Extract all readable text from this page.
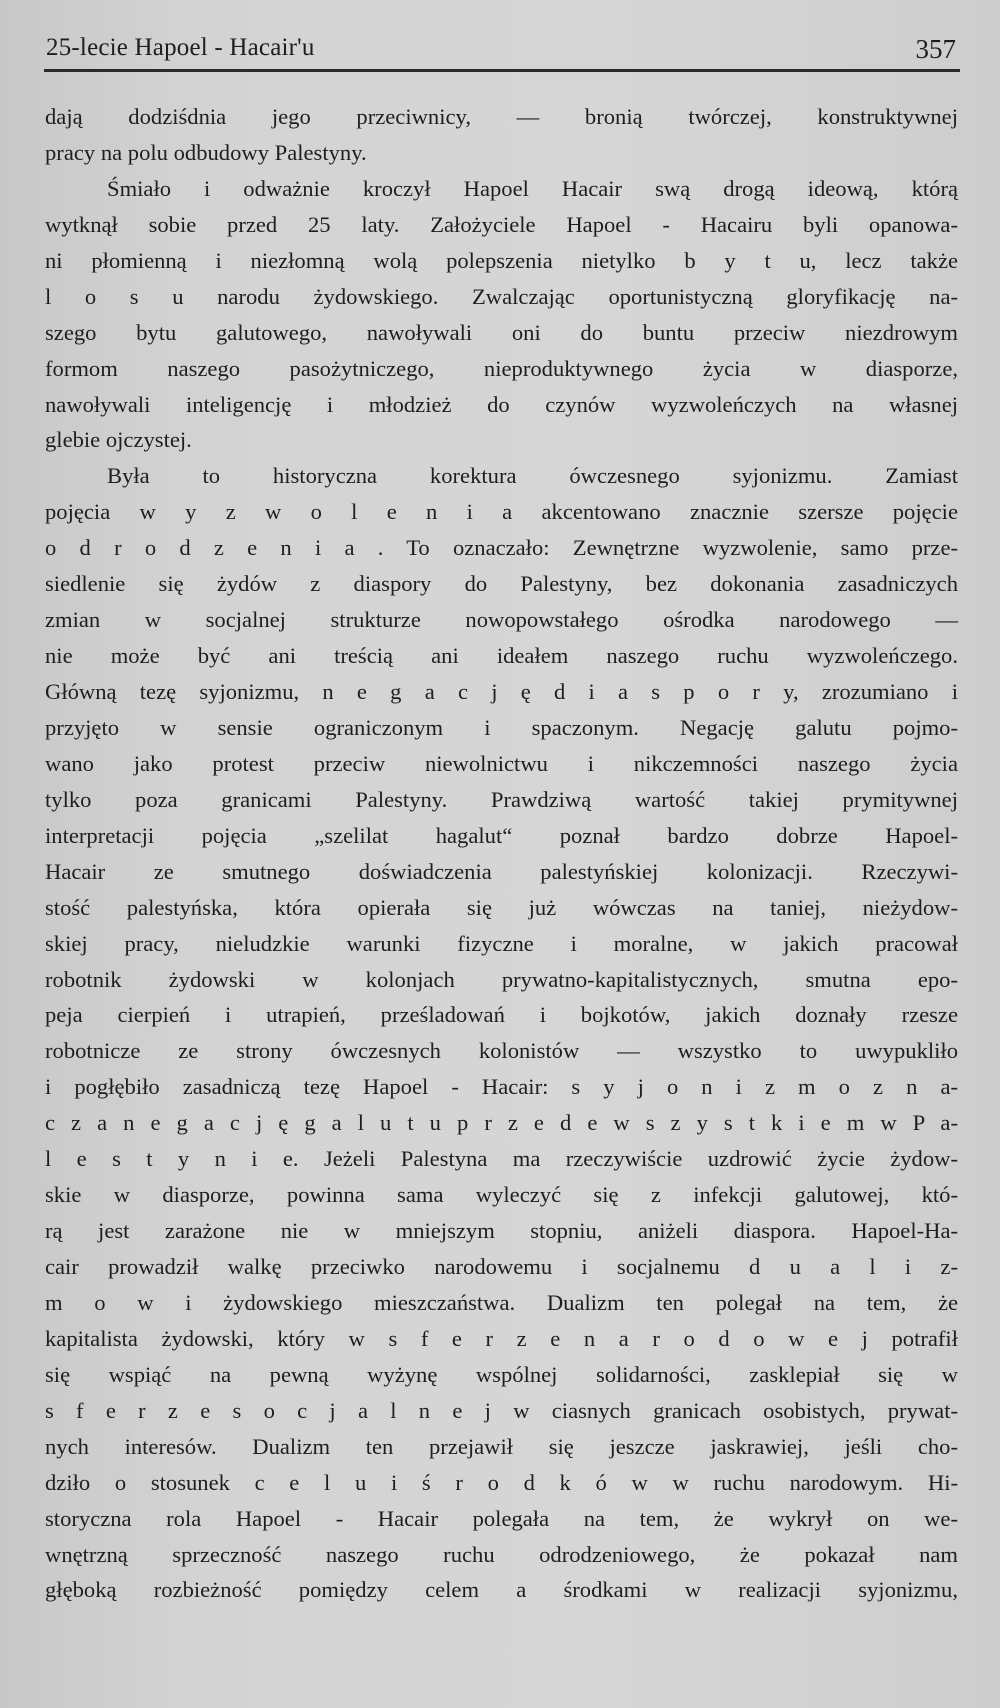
25-lecie Hapoel - Hacair'u	357
dają dodziśdnia jego przeciwnicy, — bronią twórczej, konstruktywnej
pracy na polu odbudowy Palestyny.
Śmiało i odważnie kroczył Hapoel Hacair swą drogą ideową, którą
wytknął sobie przed 25 laty. Założyciele Hapoel - Hacairu byli opanowa-
ni płomienną i niezłomną wolą polepszenia nietylko b y t u, lecz także
l o s u narodu żydowskiego. Zwalczając oportunistyczną gloryfikację na-
szego bytu galutowego, nawoływali oni do buntu przeciw niezdrowym
formom naszego pasożytniczego, nieproduktywnego życia w diasporze,
nawoływali inteligencję i młodzież do czynów wyzwoleńczych na własnej
glebie ojczystej.
Była to historyczna korektura ówczesnego syjonizmu. Zamiast
pojęcia w y z w o l e n i a akcentowano znacznie szersze pojęcie
o d r o d z e n i a . To oznaczało: Zewnętrzne wyzwolenie, samo prze-
siedlenie się żydów z diaspory do Palestyny, bez dokonania zasadniczych
zmian w socjalnej strukturze nowopowstałego ośrodka narodowego —
nie może być ani treścią ani ideałem naszego ruchu wyzwoleńczego.
Główną tezę syjonizmu, n e g a c j ę d i a s p o r y, zrozumiano i
przyjęto w sensie ograniczonym i spaczonym. Negację galutu pojmo-
wano jako protest przeciw niewolnictwu i nikczemności naszego życia
tylko poza granicami Palestyny. Prawdziwą wartość takiej prymitywnej
interpretacji pojęcia „szelilat hagalut“ poznał bardzo dobrze Hapoel-
Hacair ze smutnego doświadczenia palestyńskiej kolonizacji. Rzeczywi-
stość palestyńska, która opierała się już wówczas na taniej, nieżydow-
skiej pracy, nieludzkie warunki fizyczne i moralne, w jakich pracował
robotnik żydowski w kolonjach prywatno-kapitalistycznych, smutna epo-
peja cierpień i utrapień, prześladowań i bojkotów, jakich doznały rzesze
robotnicze ze strony ówczesnych kolonistów — wszystko to uwypukliło
i pogłębiło zasadniczą tezę Hapoel - Hacair: s y j o n i z m o z n a-
c z a n e g a c j ę g a l u t u p r z e d e w s z y s t k i e m w P a-
l e s t y n i e. Jeżeli Palestyna ma rzeczywiście uzdrowić życie żydow-
skie w diasporze, powinna sama wyleczyć się z infekcji galutowej, któ-
rą jest zarażone nie w mniejszym stopniu, aniżeli diaspora. Hapoel-Ha-
cair prowadził walkę przeciwko narodowemu i socjalnemu d u a l i z-
m o w i żydowskiego mieszczaństwa. Dualizm ten polegał na tem, że
kapitalista żydowski, który w s f e r z e n a r o d o w e j potrafił
się wspiąć na pewną wyżynę wspólnej solidarności, zasklepiał się w
s f e r z e s o c j a l n e j w ciasnych granicach osobistych, prywat-
nych interesów. Dualizm ten przejawił się jeszcze jaskrawiej, jeśli cho-
dziło o stosunek c e l u i ś r o d k ó w w ruchu narodowym. Hi-
storyczna rola Hapoel - Hacair polegała na tem, że wykrył on we-
wnętrzną sprzeczność naszego ruchu odrodzeniowego, że pokazał nam
głęboką rozbieżność pomiędzy celem a środkami w realizacji syjonizmu,
